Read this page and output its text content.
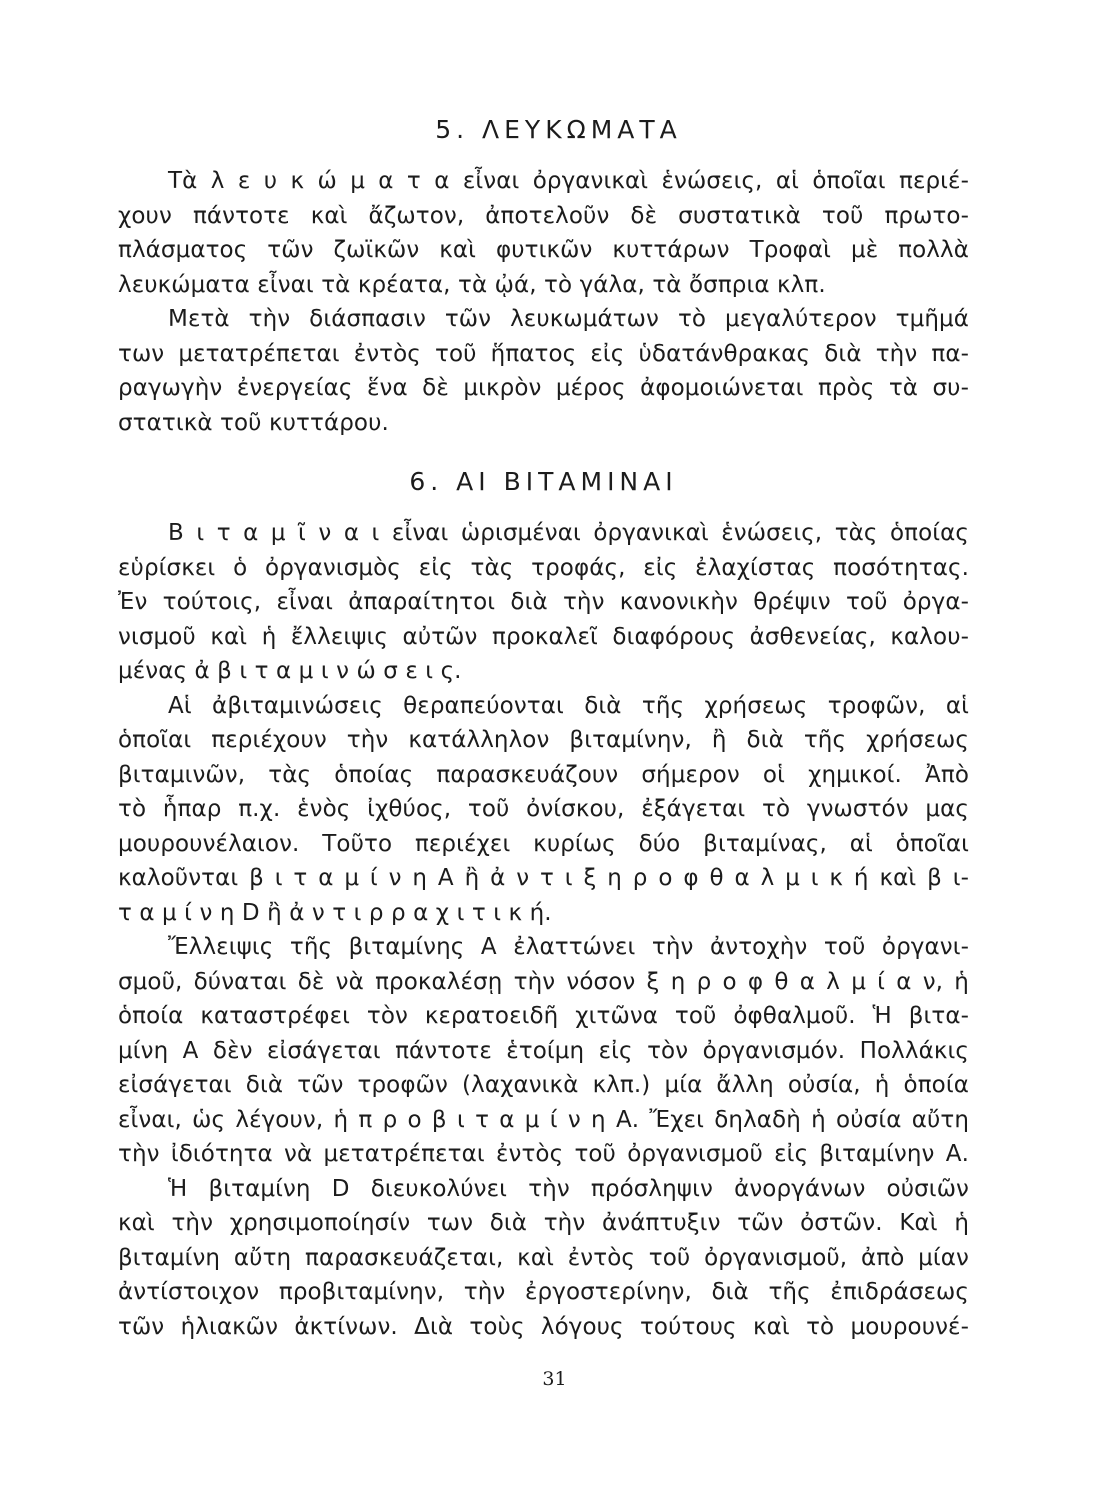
5. ΛΕΥΚΩΜΑΤΑ
Τὰ λ ε υ κ ώ μ α τ α εἶναι ὀργανικαὶ ἑνώσεις, αἱ ὁποῖαι περιέ-
χουν πάντοτε καὶ ἄζωτον, ἀποτελοῦν δὲ συστατικὰ τοῦ πρωτο-
πλάσματος τῶν ζωϊκῶν καὶ φυτικῶν κυττάρων Τροφαὶ μὲ πολλὰ
λευκώματα εἶναι τὰ κρέατα, τὰ ᾠά, τὸ γάλα, τὰ ὄσπρια κλπ.
Μετὰ τὴν διάσπασιν τῶν λευκωμάτων τὸ μεγαλύτερον τμῆμά
των μετατρέπεται ἐντὸς τοῦ ἥπατος εἰς ὑδατάνθρακας διὰ τὴν πα-
ραγωγὴν ἐνεργείας ἕνα δὲ μικρὸν μέρος ἀφομοιώνεται πρὸς τὰ συ-
στατικὰ τοῦ κυττάρου.
6. ΑΙ ΒΙΤΑΜΙΝΑΙ
Β ι τ α μ ῖ ν α ι εἶναι ὡρισμέναι ὀργανικαὶ ἑνώσεις, τὰς ὁποίας
εὑρίσκει ὁ ὀργανισμὸς εἰς τὰς τροφάς, εἰς ἐλαχίστας ποσότητας.
Ἐν τούτοις, εἶναι ἀπαραίτητοι διὰ τὴν κανονικὴν θρέψιν τοῦ ὀργα-
νισμοῦ καὶ ἡ ἔλλειψις αὐτῶν προκαλεῖ διαφόρους ἀσθενείας, καλου-
μένας ἀ β ι τ α μ ι ν ώ σ ε ι ς.
Αἱ ἀβιταμινώσεις θεραπεύονται διὰ τῆς χρήσεως τροφῶν, αἱ
ὁποῖαι περιέχουν τὴν κατάλληλον βιταμίνην, ἢ διὰ τῆς χρήσεως
βιταμινῶν, τὰς ὁποίας παρασκευάζουν σήμερον οἱ χημικοί. Ἀπὸ
τὸ ἧπαρ π.χ. ἑνὸς ἰχθύος, τοῦ ὀνίσκου, ἐξάγεται τὸ γνωστόν μας
μουρουνέλαιον. Τοῦτο περιέχει κυρίως δύο βιταμίνας, αἱ ὁποῖαι
καλοῦνται β ι τ α μ ί ν η Α ἢ ἀ ν τ ι ξ η ρ ο φ θ α λ μ ι κ ή καὶ β ι-
τ α μ ί ν η D ἢ ἀ ν τ ι ρ ρ α χ ι τ ι κ ή.
Ἔλλειψις τῆς βιταμίνης Α ἐλαττώνει τὴν ἀντοχὴν τοῦ ὀργανι-
σμοῦ, δύναται δὲ νὰ προκαλέσῃ τὴν νόσον ξ η ρ ο φ θ α λ μ ί α ν, ἡ
ὁποία καταστρέφει τὸν κερατοειδῆ χιτῶνα τοῦ ὀφθαλμοῦ. Ἡ βιτα-
μίνη Α δὲν εἰσάγεται πάντοτε ἑτοίμη εἰς τὸν ὀργανισμόν. Πολλάκις
εἰσάγεται διὰ τῶν τροφῶν (λαχανικὰ κλπ.) μία ἄλλη οὐσία, ἡ ὁποία
εἶναι, ὡς λέγουν, ἡ π ρ ο β ι τ α μ ί ν η Α. Ἔχει δηλαδὴ ἡ οὐσία αὔτη
τὴν ἰδιότητα νὰ μετατρέπεται ἐντὸς τοῦ ὀργανισμοῦ εἰς βιταμίνην Α.
Ἡ βιταμίνη D διευκολύνει τὴν πρόσληψιν ἀνοργάνων οὐσιῶν
καὶ τὴν χρησιμοποίησίν των διὰ τὴν ἀνάπτυξιν τῶν ὀστῶν. Καὶ ἡ
βιταμίνη αὔτη παρασκευάζεται, καὶ ἐντὸς τοῦ ὀργανισμοῦ, ἀπὸ μίαν
ἀντίστοιχον προβιταμίνην, τὴν ἐργοστερίνην, διὰ τῆς ἐπιδράσεως
τῶν ἡλιακῶν ἀκτίνων. Διὰ τοὺς λόγους τούτους καὶ τὸ μουρουνέ-
31
